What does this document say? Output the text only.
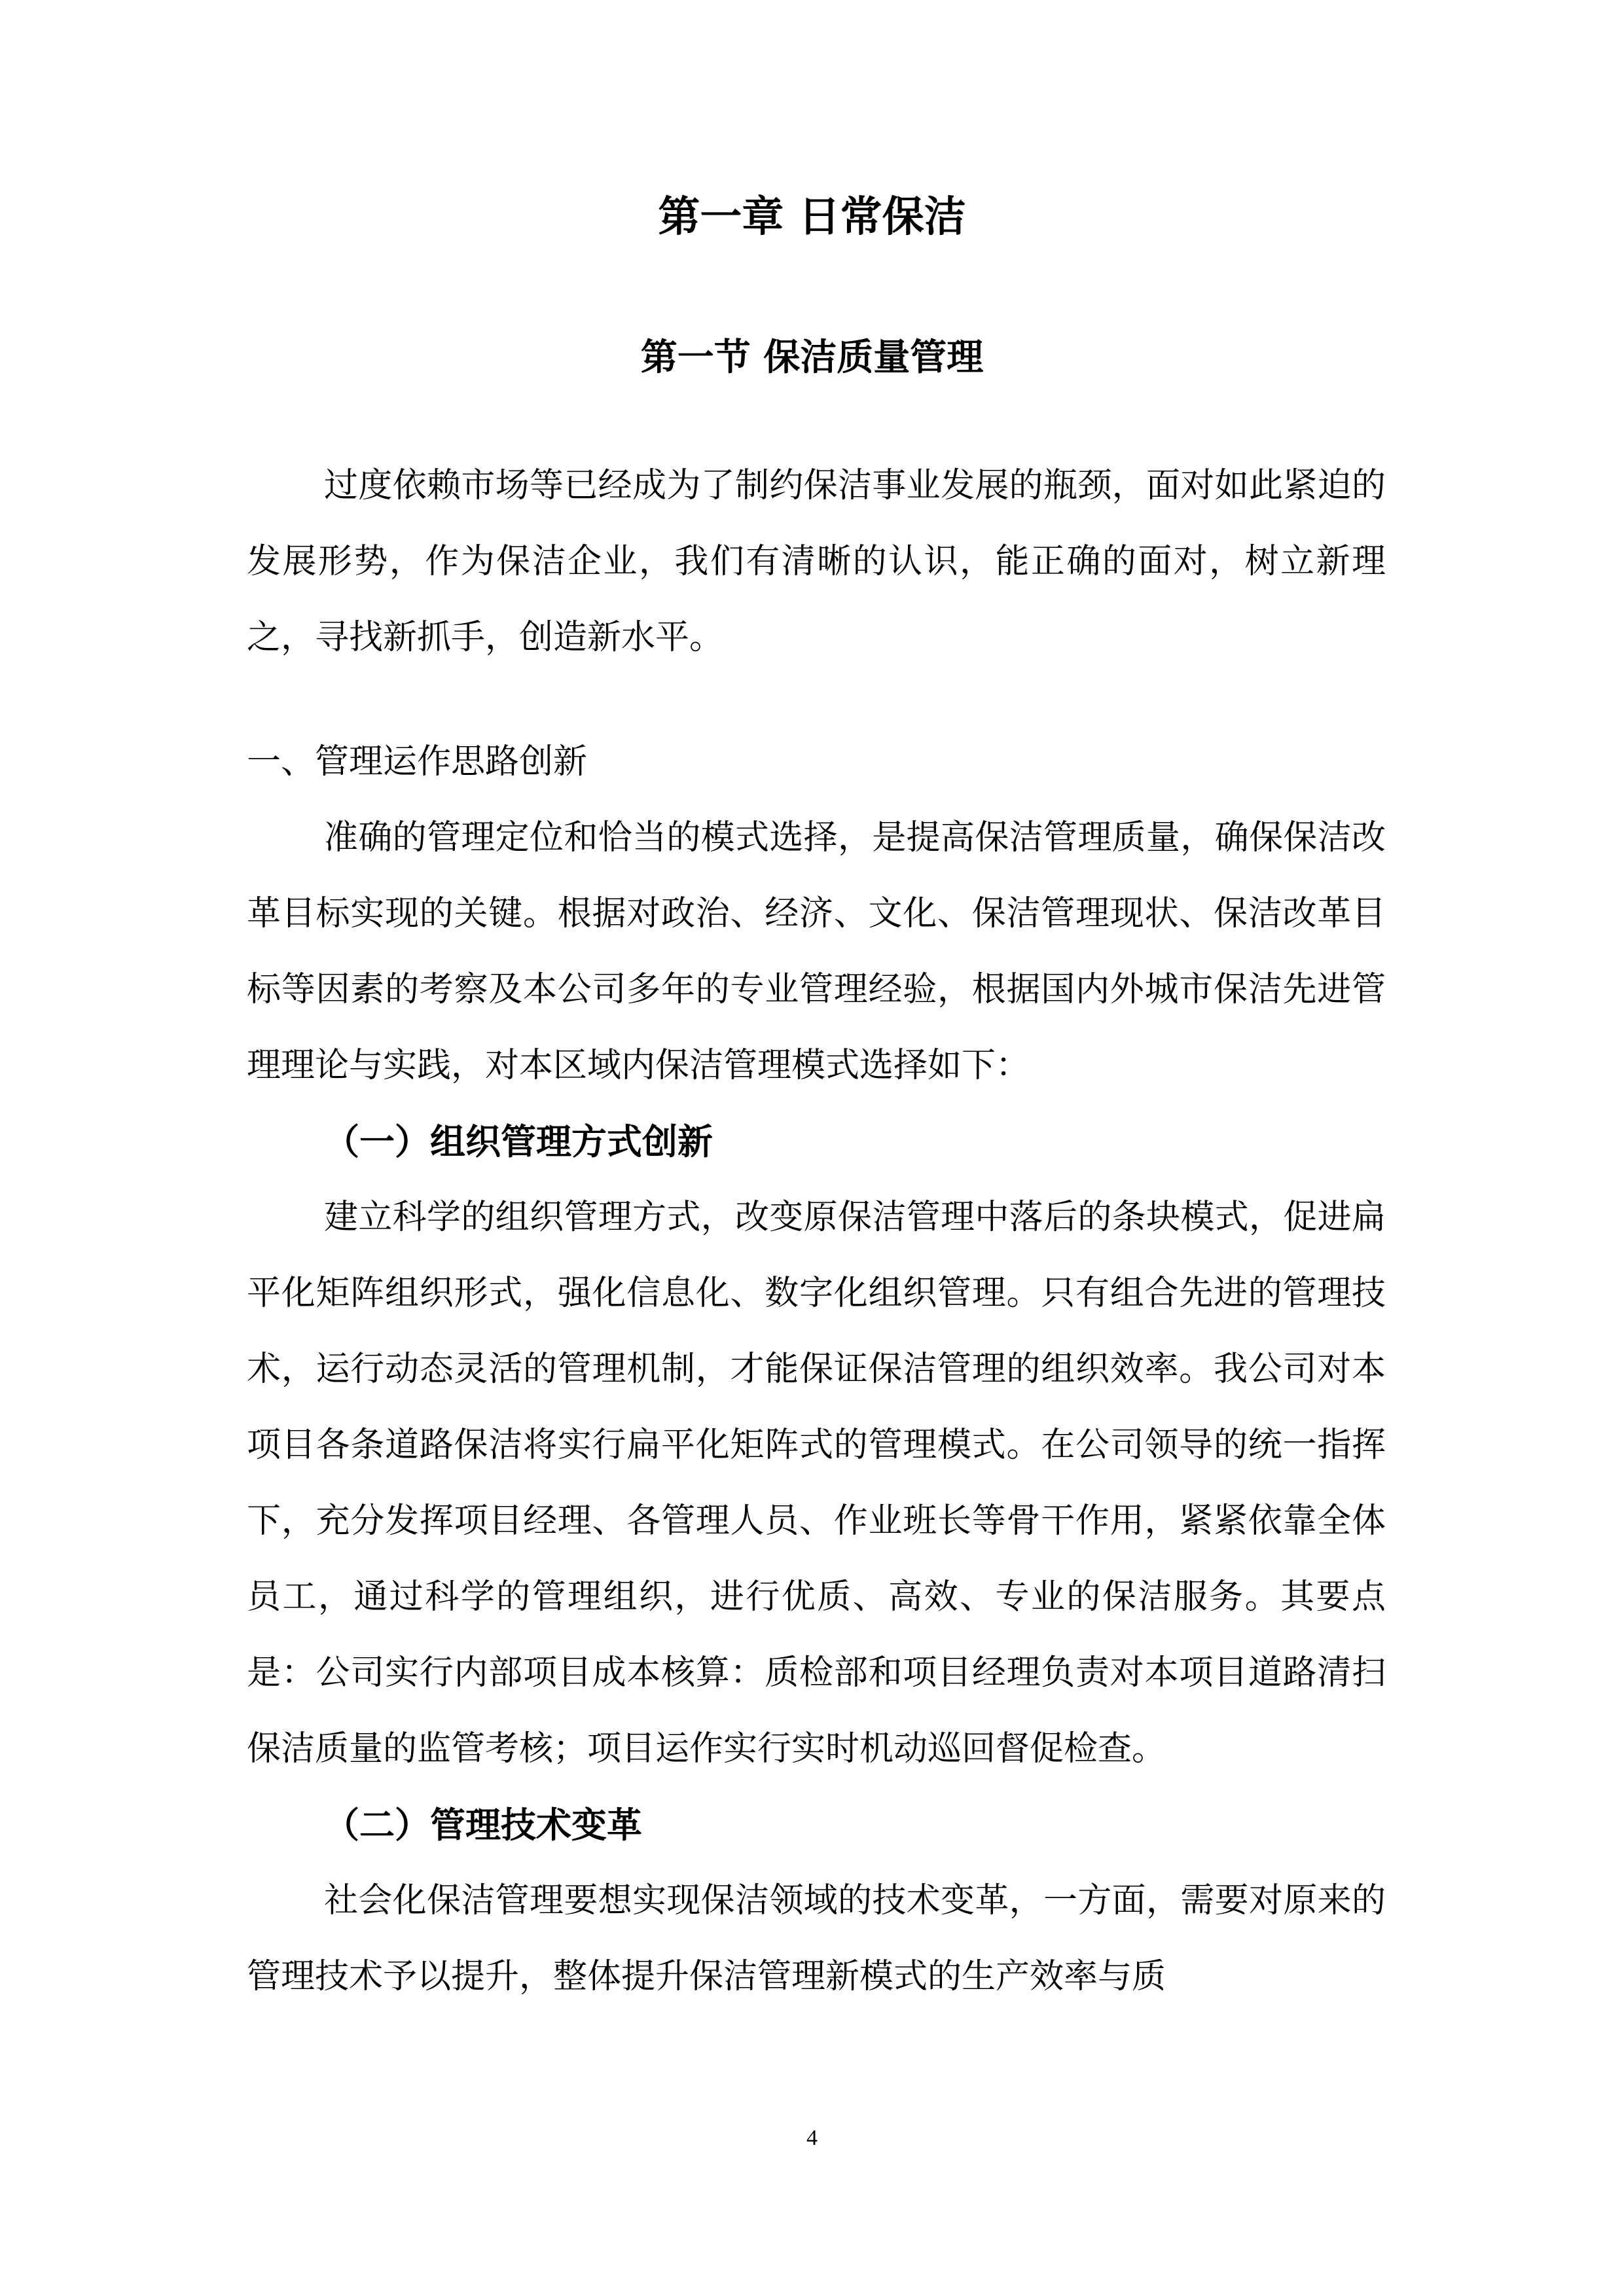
第一章 日常保洁
第一节 保洁质量管理

过度依赖市场等已经成为了制约保洁事业发展的瓶颈，面对如此紧迫的发展形势，作为保洁企业，我们有清晰的认识，能正确的面对，树立新理之，寻找新抓手，创造新水平。

一、管理运作思路创新

准确的管理定位和恰当的模式选择，是提高保洁管理质量，确保保洁改革目标实现的关键。根据对政治、经济、文化、保洁管理现状、保洁改革目标等因素的考察及本公司多年的专业管理经验，根据国内外城市保洁先进管理理论与实践，对本区域内保洁管理模式选择如下：

（一）组织管理方式创新

建立科学的组织管理方式，改变原保洁管理中落后的条块模式，促进扁平化矩阵组织形式，强化信息化、数字化组织管理。只有组合先进的管理技术，运行动态灵活的管理机制，才能保证保洁管理的组织效率。我公司对本项目各条道路保洁将实行扁平化矩阵式的管理模式。在公司领导的统一指挥下，充分发挥项目经理、各管理人员、作业班长等骨干作用，紧紧依靠全体员工，通过科学的管理组织，进行优质、高效、专业的保洁服务。其要点是：公司实行内部项目成本核算：质检部和项目经理负责对本项目道路清扫保洁质量的监管考核；项目运作实行实时机动巡回督促检查。

（二）管理技术变革

社会化保洁管理要想实现保洁领域的技术变革，一方面，需要对原来的管理技术予以提升，整体提升保洁管理新模式的生产效率与质

4
